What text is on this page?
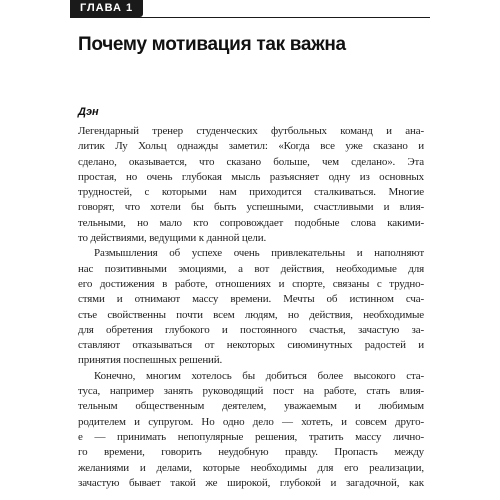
ГЛАВА 1
Почему мотивация так важна
Дэн
Легендарный тренер студенческих футбольных команд и ана-
литик Лу Хольц однажды заметил: «Когда все уже сказано и
сделано, оказывается, что сказано больше, чем сделано». Эта
простая, но очень глубокая мысль разъясняет одну из основных
трудностей, с которыми нам приходится сталкиваться. Многие
говорят, что хотели бы быть успешными, счастливыми и влия-
тельными, но мало кто сопровождает подобные слова какими-
то действиями, ведущими к данной цели.
Размышления об успехе очень привлекательны и наполняют
нас позитивными эмоциями, а вот действия, необходимые для
его достижения в работе, отношениях и спорте, связаны с трудно-
стями и отнимают массу времени. Мечты об истинном сча-
стье свойственны почти всем людям, но действия, необходимые
для обретения глубокого и постоянного счастья, зачастую за-
ставляют отказываться от некоторых сиюминутных радостей и
принятия поспешных решений.
Конечно, многим хотелось бы добиться более высокого ста-
туса, например занять руководящий пост на работе, стать влия-
тельным общественным деятелем, уважаемым и любимым
родителем и супругом. Но одно дело — хотеть, и совсем друго-
е — принимать непопулярные решения, тратить массу лично-
го времени, говорить неудобную правду. Пропасть между
желаниями и делами, которые необходимы для его реализации,
зачастую бывает такой же широкой, глубокой и загадочной, как
